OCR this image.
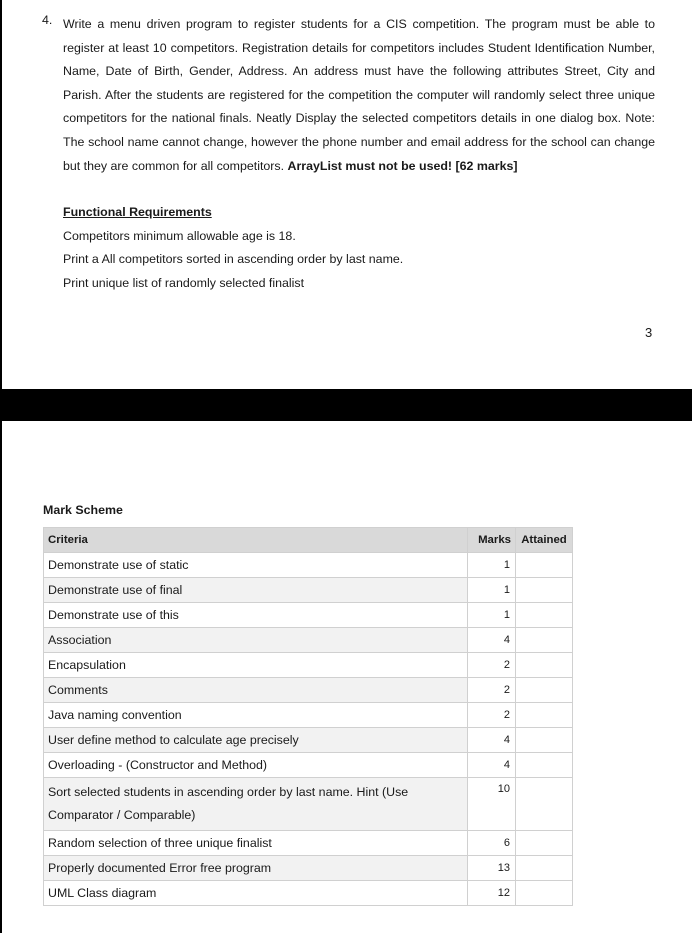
4. Write a menu driven program to register students for a CIS competition. The program must be able to register at least 10 competitors. Registration details for competitors includes Student Identification Number, Name, Date of Birth, Gender, Address. An address must have the following attributes Street, City and Parish. After the students are registered for the competition the computer will randomly select three unique competitors for the national finals. Neatly Display the selected competitors details in one dialog box. Note: The school name cannot change, however the phone number and email address for the school can change but they are common for all competitors. ArrayList must not be used! [62 marks]
Functional Requirements
Competitors minimum allowable age is 18.
Print a All competitors sorted in ascending order by last name.
Print unique list of randomly selected finalist
3
Mark Scheme
Criteria	Marks	Attained
Demonstrate use of static	1	
Demonstrate use of final	1	
Demonstrate use of this	1	
Association	4	
Encapsulation	2	
Comments	2	
Java naming convention	2	
User define method to calculate age precisely	4	
Overloading - (Constructor and Method)	4	
Sort selected students in ascending order by last name. Hint (Use Comparator / Comparable)	10	
Random selection of three unique finalist	6	
Properly documented Error free program	13	
UML Class diagram	12	
